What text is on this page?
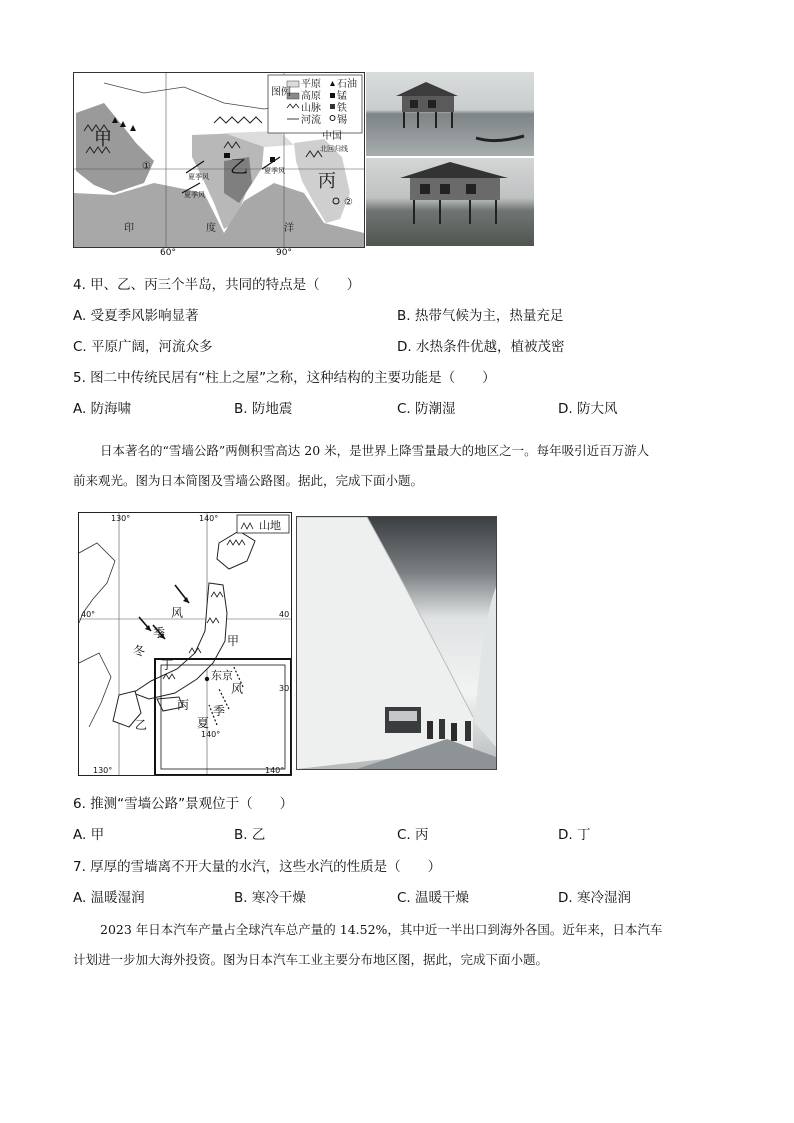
图例
平原
高原
山脉
河流
石油
锰
铁
锡
甲
乙
丙
印	度	洋
中国
北回归线
夏季风
夏季风
夏季风
①
②
60°	90°
4. 甲、乙、丙三个半岛，共同的特点是（　　）
A. 受夏季风影响显著	B. 热带气候为主，热量充足
C. 平原广阔，河流众多	D. 水热条件优越，植被茂密
5. 图二中传统民居有“柱上之屋”之称，这种结构的主要功能是（　　）
A. 防海啸	B. 防地震	C. 防潮湿	D. 防大风
日本著名的“雪墙公路”两侧积雪高达 20 米，是世界上降雪量最大的地区之一。每年吸引近百万游人
前来观光。图为日本简图及雪墙公路图。据此，完成下面小题。
山地
130°	140°
40°	40
风
季
冬
甲
丁
东京
风
季
丙
夏
乙
30
140°
130°	140°
6. 推测“雪墙公路”景观位于（　　）
A. 甲	B. 乙	C. 丙	D. 丁
7. 厚厚的雪墙离不开大量的水汽，这些水汽的性质是（　　）
A. 温暖湿润	B. 寒冷干燥	C. 温暖干燥	D. 寒冷湿润
2023 年日本汽车产量占全球汽车总产量的 14.52%，其中近一半出口到海外各国。近年来，日本汽车
计划进一步加大海外投资。图为日本汽车工业主要分布地区图，据此，完成下面小题。
